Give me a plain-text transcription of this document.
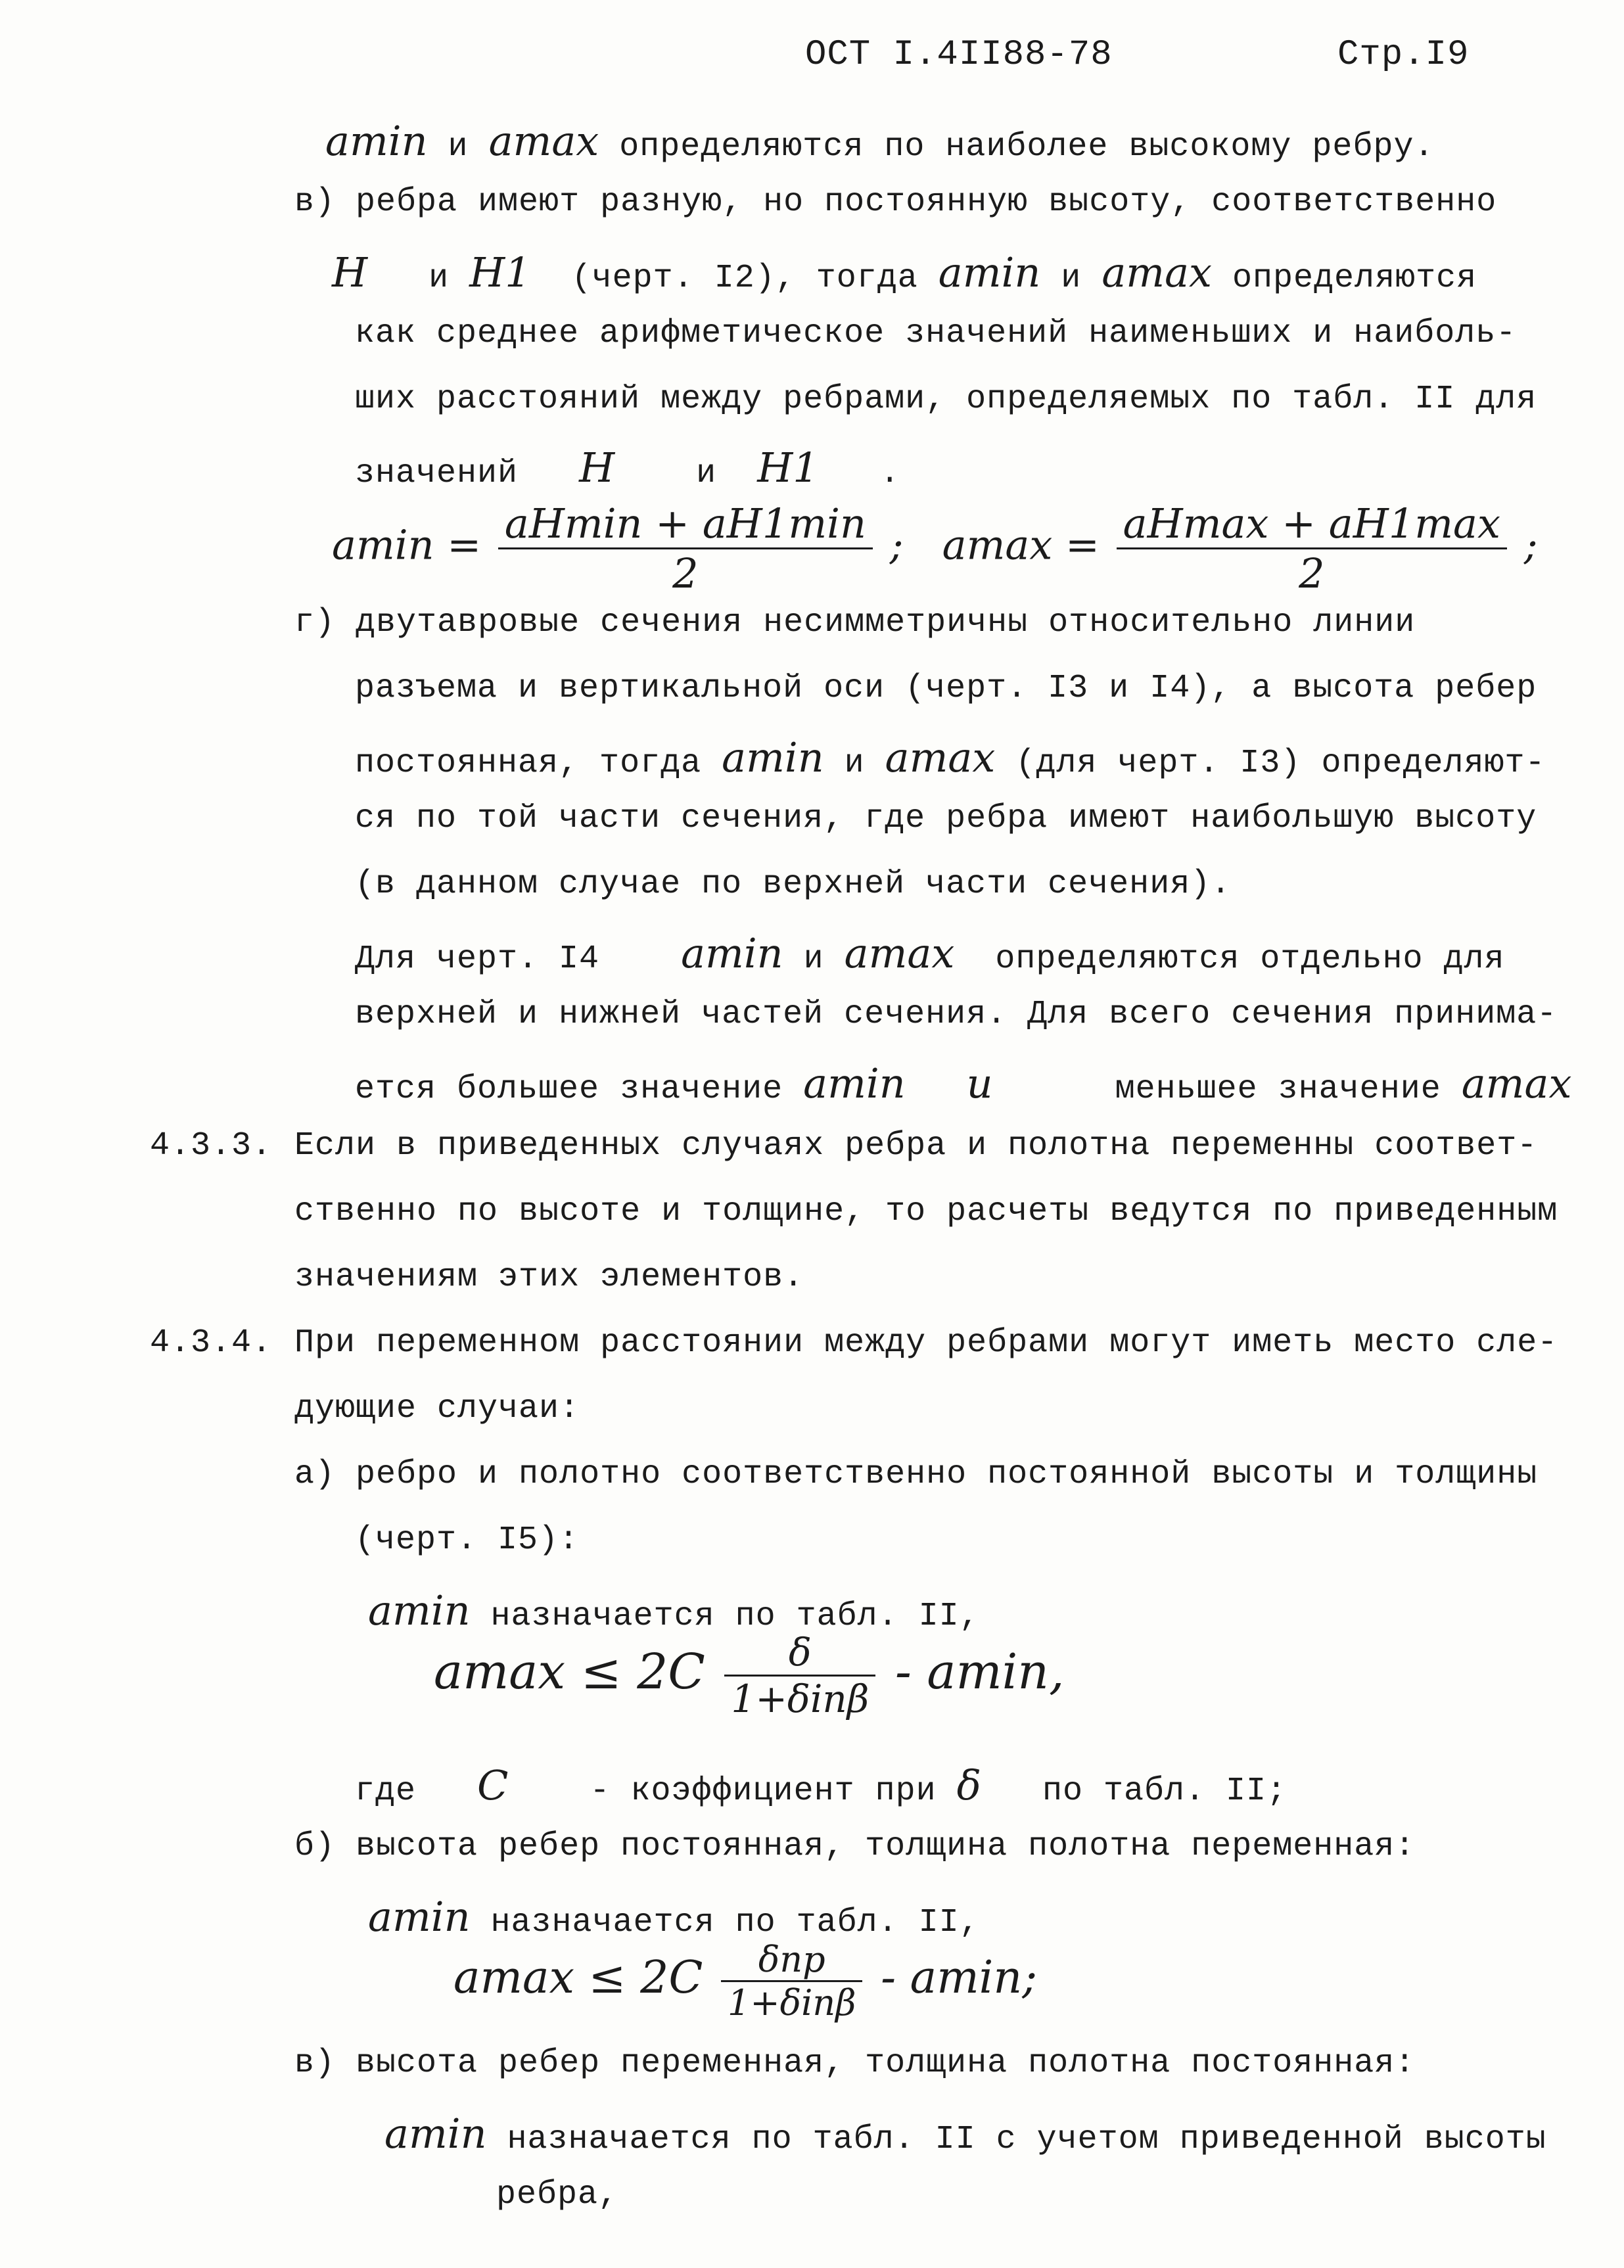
ОСТ I.4II88-78	Стр.I9
amin и amax определяются по наиболее высокому ребру.
в) ребра имеют разную, но постоянную высоту, соответственно
H и H1 (черт. I2), тогда amin и amax определяются
как среднее арифметическое значений наименьших и наиболь-
ших расстояний между ребрами, определяемых по табл. II для
значений H и H1 .
$amin = \frac{aHmin + aH1\min}{2}$ ; $amax = \frac{aHmax + aH1\max}{2}$ ;
г) двутавровые сечения несимметричны относительно линии
разъема и вертикальной оси (черт. I3 и I4), а высота ребер
постоянная, тогда amin и amax (для черт. I3) определяют-
ся по той части сечения, где ребра имеют наибольшую высоту
(в данном случае по верхней части сечения).
Для черт. I4 amin и amax определяются отдельно для
верхней и нижней частей сечения. Для всего сечения принима-
ется большее значение amin и	меньшее значение amax
4.3.3. Если в приведенных случаях ребра и полотна переменны соответ-
ственно по высоте и толщине, то расчеты ведутся по приведенным
значениям этих элементов.
4.3.4. При переменном расстоянии между ребрами могут иметь место сле-
дующие случаи:
а) ребро и полотно соответственно постоянной высоты и толщины
(черт. I5):
amin назначается по табл. II,
$amax \le 2C \frac{\delta}{\text{1+δinβ}} - amin$,
где C - коэффициент при δ по табл. II;
б) высота ребер постоянная, толщина полотна переменная:
amin назначается по табл. II,
$amax \le 2C \frac{\text{δпр}}{\text{1+δinβ}} - amin$;
в) высота ребер переменная, толщина полотна постоянная:
amin назначается по табл. II с учетом приведенной высоты
ребра,
